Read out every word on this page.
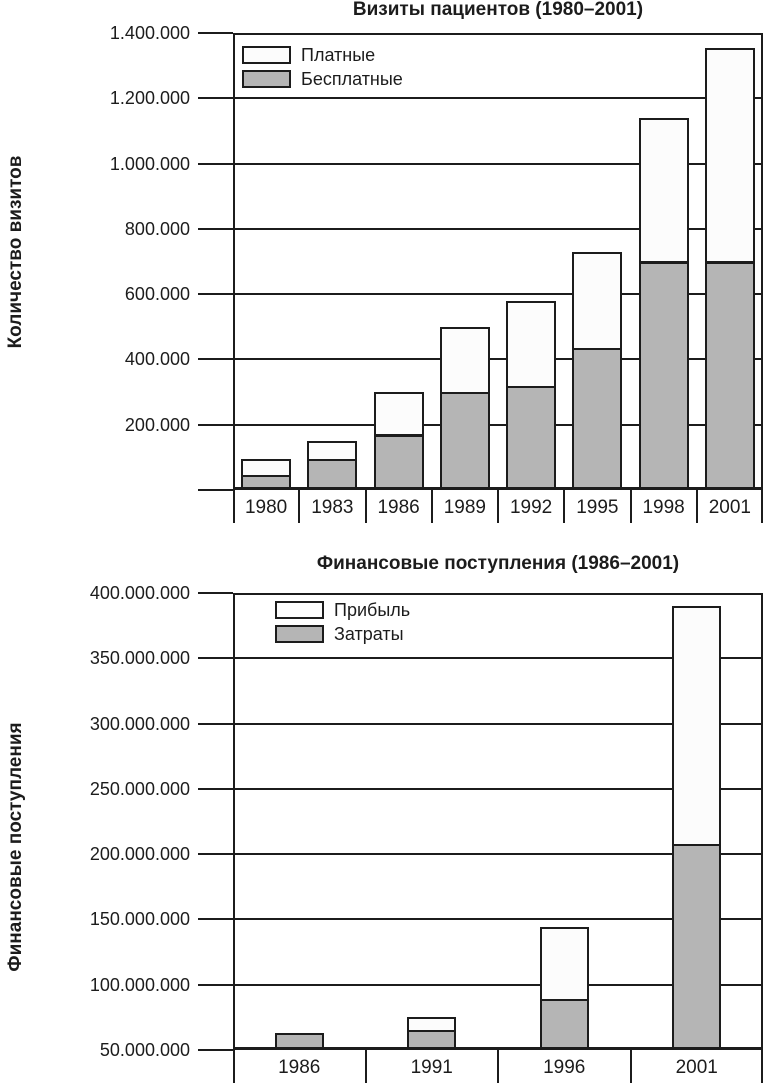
Визиты пациентов (1980–2001)
Количество визитов
1.400.000
1.200.000
1.000.000
800.000
600.000
400.000
200.000
1980	1983	1986	1989	1992	1995	1998	2001
Платные
Бесплатные
Финансовые поступления (1986–2001)
Финансовые поступления
400.000.000
350.000.000
300.000.000
250.000.000
200.000.000
150.000.000
100.000.000
50.000.000
1986	1991	1996	2001
Прибыль
Затраты
